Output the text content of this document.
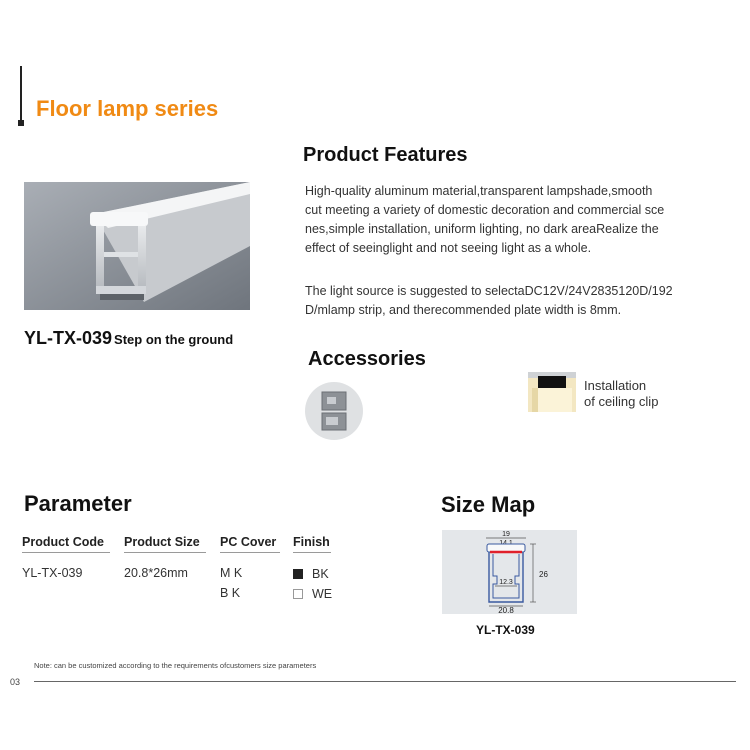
Floor lamp series
YL-TX-039 Step on the ground
Product Features
High-quality aluminum material,transparent lampshade,smooth
cut meeting a variety of domestic decoration and commercial sce
nes,simple installation, uniform lighting, no dark areaRealize the
effect of seeinglight and not seeing light as a whole.
The light source is suggested to selectaDC12V/24V2835120D/192
D/mlamp strip, and therecommended plate width is 8mm.
Accessories
Installation
of ceiling clip
Parameter
Product Code Product Size PC Cover Finish
YL-TX-039	20.8*26mm	M K
B K
BK
WE
Size Map
19
12.3
20.8
26
YL-TX-039
Note: can be customized according to the requirements ofcustomers size parameters
03
